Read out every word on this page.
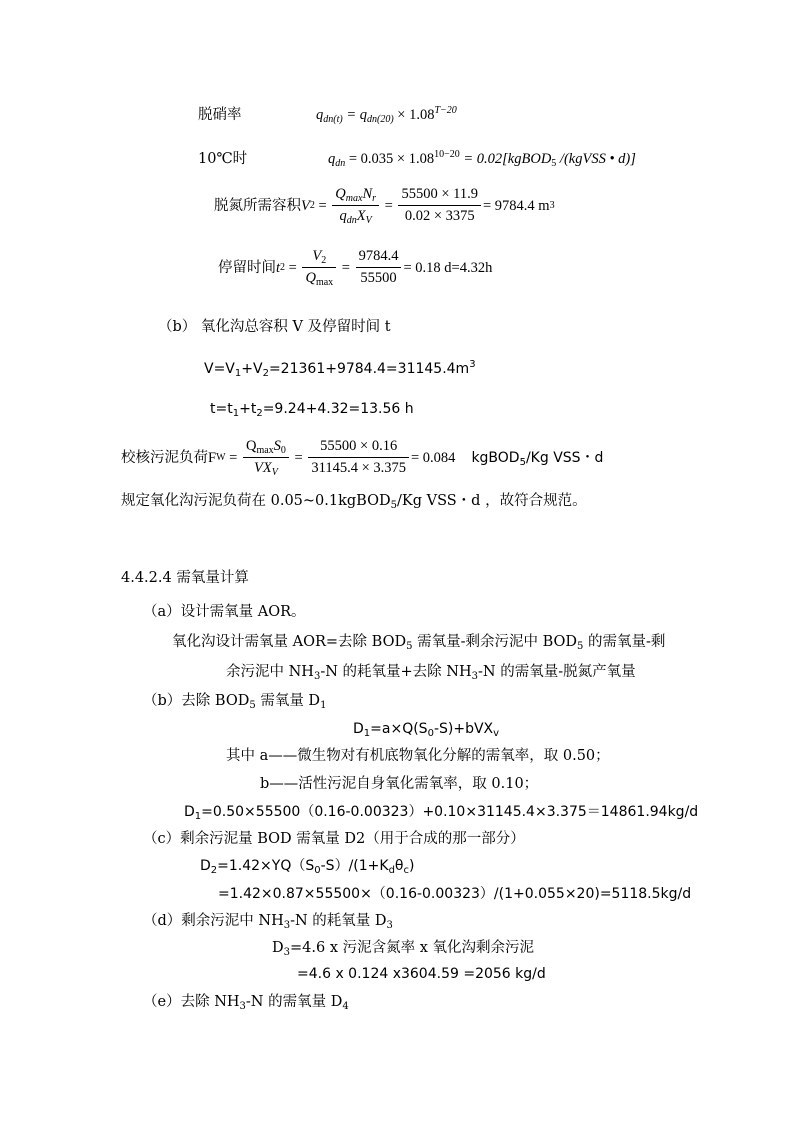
脱硝率	$q_{dn(t)} = q_{dn(20)} \times 1.08^{T-20}$
10℃时	$q_{dn} = 0.035 \times 1.08^{10-20}$ = 0.02[kgBOD$_5$ /(kgVSS • d)]
脱氮所需容积 V $2 = \frac{Q_{max}N_r}{q_{dn}X_V} = \frac{55500 \times 11.9}{0.02 \times 3375} = 9784.4$ m 3
停留时间 t $2 = \frac{V_2}{Q_{max}} = \frac{9784.4}{55500} = 0.18$ d=4.32h
（b） 氧化沟总容积 V 及停留时间 t
$V=V_1+V_2=21361+9784.4=31145.4m^3$
$t=t_1+t_2=9.24+4.32=13.56$ h
校核污泥负荷 F $W = \frac{Q_{max}S_0}{VX_V} = \frac{55500 \times 0.16}{31145.4 \times 3.375} = 0.084$ kgBOD$_5$/Kg VSS・d
规定氧化沟污泥负荷在 0.05~0.1kgBOD$_5$/Kg VSS・d ，故符合规范。
4.4.2.4 需氧量计算
（a）设计需氧量 AOR。
氧化沟设计需氧量 AOR=去除 $BOD_5$ 需氧量-剩余污泥中 $BOD_5$ 的需氧量-剩
余污泥中 $NH_3-N$ 的耗氧量+去除 $NH_3-N$ 的需氧量-脱氮产氧量
（b）去除 $BOD_5$ 需氧量 $D_1$
$D_1=a\times Q(S_0-S)+bVX_v$
其中 a——微生物对有机底物氧化分解的需氧率，取 0.50；
b——活性污泥自身氧化需氧率，取 0.10；
$D_1=0.50\times 55500(0.16-0.00323)+0.10\times 31145.4\times 3.375=14861.94kg/d$
（c）剩余污泥量 BOD 需氧量 D2（用于合成的那一部分）
$D_2=1.42\times YQ(S_0-S)/(1+K_d\theta_c)$
=1.42×0.87×55500×（0.16-0.00323）/(1+0.055×20)=5118.5kg/d
（d）剩余污泥中 $NH_3-N$ 的耗氧量 $D_3$
$D_3=4.6$ x 污泥含氮率 x 氧化沟剩余污泥
=4.6 x 0.124 x3604.59 =2056 kg/d
（e）去除 $NH_3-N$ 的需氧量 $D_4$
